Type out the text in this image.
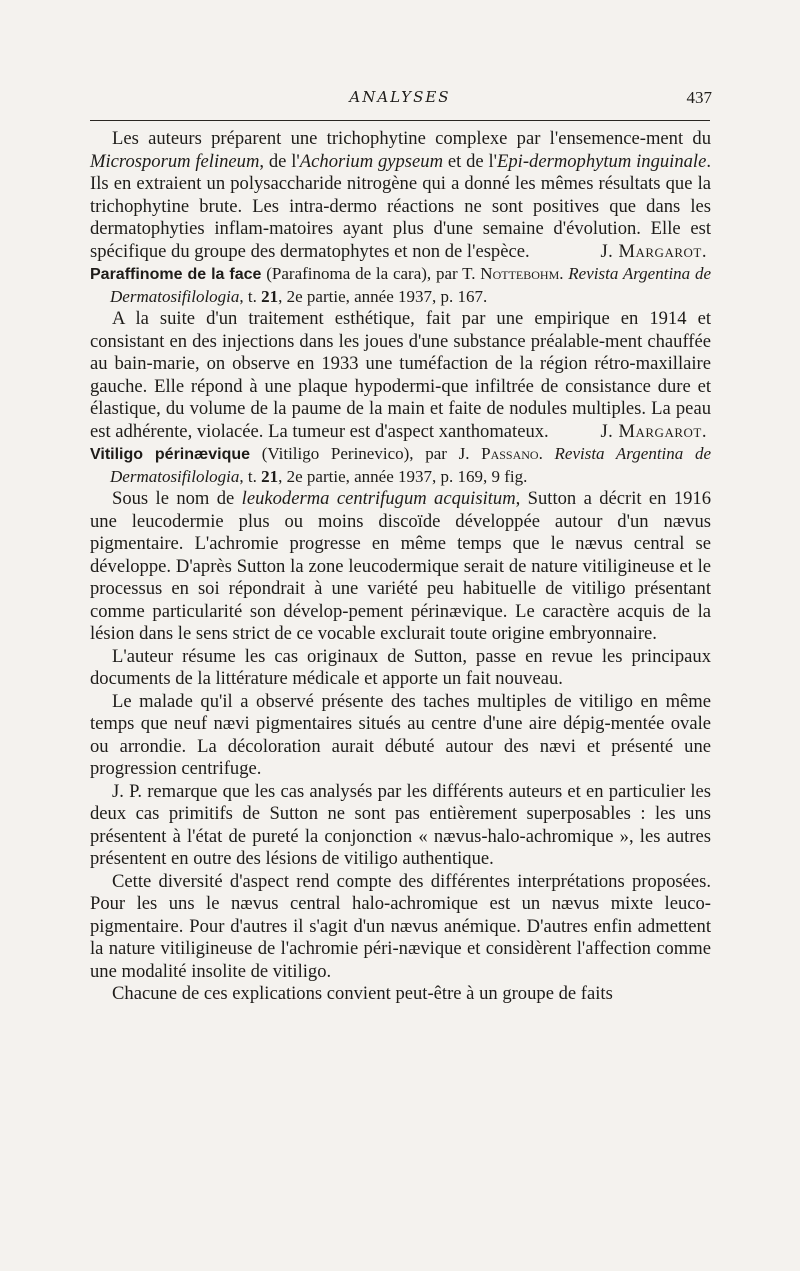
ANALYSES	437

Les auteurs préparent une trichophytine complexe par l'ensemence-ment du Microsporum felineum, de l'Achorium gypseum et de l'Epi-dermophytum inguinale. Ils en extraient un polysaccharide nitrogène qui a donné les mêmes résultats que la trichophytine brute. Les intra-dermo réactions ne sont positives que dans les dermatophyties inflam-matoires ayant plus d'une semaine d'évolution. Elle est spécifique du groupe des dermatophytes et non de l'espèce.	J. Margarot.

Paraffinome de la face (Parafinoma de la cara), par T. Nottebohm. Revista Argentina de Dermatosifilologia, t. 21, 2e partie, année 1937, p. 167.

A la suite d'un traitement esthétique, fait par une empirique en 1914 et consistant en des injections dans les joues d'une substance préalable-ment chauffée au bain-marie, on observe en 1933 une tuméfaction de la région rétro-maxillaire gauche. Elle répond à une plaque hypodermi-que infiltrée de consistance dure et élastique, du volume de la paume de la main et faite de nodules multiples. La peau est adhérente, violacée. La tumeur est d'aspect xanthomateux.	J. Margarot.

Vitiligo périnævique (Vitiligo Perinevico), par J. Passano. Revista Argentina de Dermatosifilologia, t. 21, 2e partie, année 1937, p. 169, 9 fig.

Sous le nom de leukoderma centrifugum acquisitum, Sutton a décrit en 1916 une leucodermie plus ou moins discoïde développée autour d'un nævus pigmentaire. L'achromie progresse en même temps que le nævus central se développe. D'après Sutton la zone leucodermique serait de nature vitiligineuse et le processus en soi répondrait à une variété peu habituelle de vitiligo présentant comme particularité son dévelop-pement périnævique. Le caractère acquis de la lésion dans le sens strict de ce vocable exclurait toute origine embryonnaire.

L'auteur résume les cas originaux de Sutton, passe en revue les principaux documents de la littérature médicale et apporte un fait nouveau.

Le malade qu'il a observé présente des taches multiples de vitiligo en même temps que neuf nævi pigmentaires situés au centre d'une aire dépig-mentée ovale ou arrondie. La décoloration aurait débuté autour des nævi et présenté une progression centrifuge.

J. P. remarque que les cas analysés par les différents auteurs et en particulier les deux cas primitifs de Sutton ne sont pas entièrement superposables : les uns présentent à l'état de pureté la conjonction « nævus-halo-achromique », les autres présentent en outre des lésions de vitiligo authentique.

Cette diversité d'aspect rend compte des différentes interprétations proposées. Pour les uns le nævus central halo-achromique est un nævus mixte leuco-pigmentaire. Pour d'autres il s'agit d'un nævus anémique. D'autres enfin admettent la nature vitiligineuse de l'achromie péri-nævique et considèrent l'affection comme une modalité insolite de vitiligo.

Chacune de ces explications convient peut-être à un groupe de faits
